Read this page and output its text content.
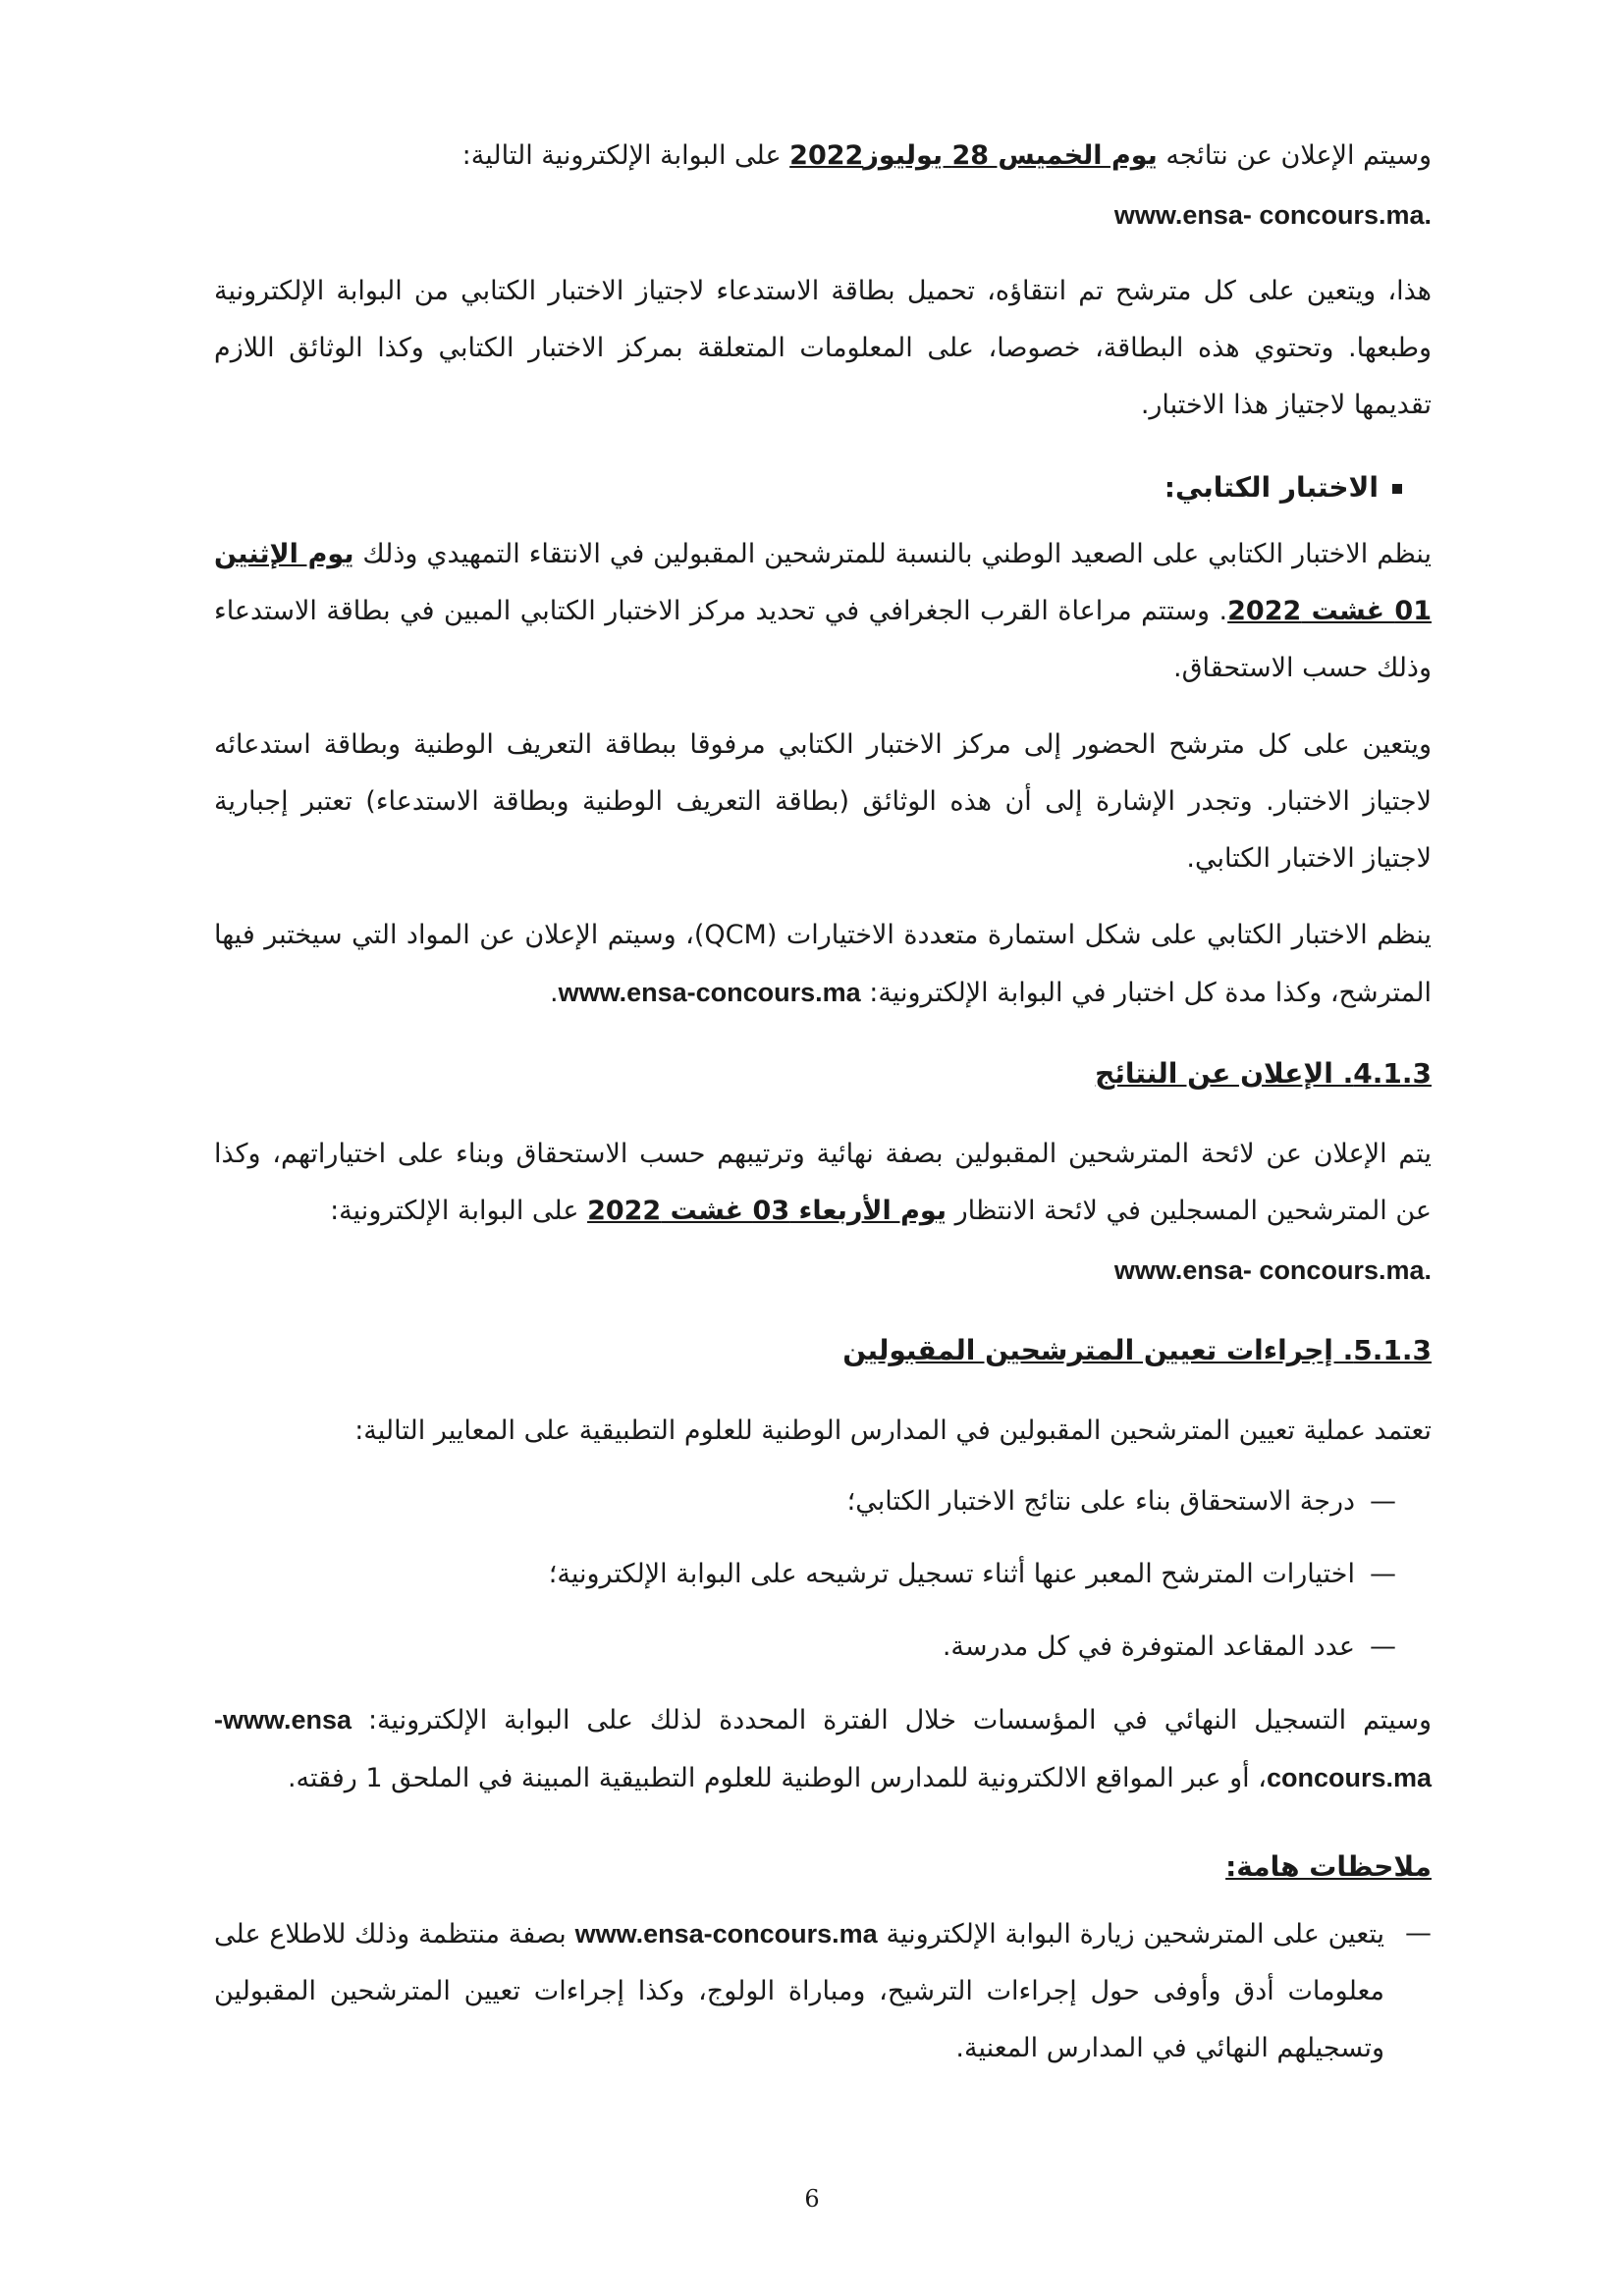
وسيتم الإعلان عن نتائجه يوم الخميس 28 يوليوز2022 على البوابة الإلكترونية التالية:

.www.ensa- concours.ma

هذا، ويتعين على كل مترشح تم انتقاؤه، تحميل بطاقة الاستدعاء لاجتياز الاختبار الكتابي من البوابة الإلكترونية وطبعها. وتحتوي هذه البطاقة، خصوصا، على المعلومات المتعلقة بمركز الاختبار الكتابي وكذا الوثائق اللازم تقديمها لاجتياز هذا الاختبار.

الاختبار الكتابي:

ينظم الاختبار الكتابي على الصعيد الوطني بالنسبة للمترشحين المقبولين في الانتقاء التمهيدي وذلك يوم الإثنين 01 غشت 2022. وستتم مراعاة القرب الجغرافي في تحديد مركز الاختبار الكتابي المبين في بطاقة الاستدعاء وذلك حسب الاستحقاق.

ويتعين على كل مترشح الحضور إلى مركز الاختبار الكتابي مرفوقا ببطاقة التعريف الوطنية وبطاقة استدعائه لاجتياز الاختبار. وتجدر الإشارة إلى أن هذه الوثائق (بطاقة التعريف الوطنية وبطاقة الاستدعاء) تعتبر إجبارية لاجتياز الاختبار الكتابي.

ينظم الاختبار الكتابي على شكل استمارة متعددة الاختيارات (QCM)، وسيتم الإعلان عن المواد التي سيختبر فيها المترشح، وكذا مدة كل اختبار في البوابة الإلكترونية: www.ensa-concours.ma.

4.1.3. الإعلان عن النتائج

يتم الإعلان عن لائحة المترشحين المقبولين بصفة نهائية وترتيبهم حسب الاستحقاق وبناء على اختياراتهم، وكذا عن المترشحين المسجلين في لائحة الانتظار يوم الأربعاء 03 غشت 2022 على البوابة الإلكترونية:

.www.ensa- concours.ma
5.1.3. إجراءات تعيين المترشحين المقبولين

تعتمد عملية تعيين المترشحين المقبولين في المدارس الوطنية للعلوم التطبيقية على المعايير التالية:

—
درجة الاستحقاق بناء على نتائج الاختبار الكتابي؛
—
اختيارات المترشح المعبر عنها أثناء تسجيل ترشيحه على البوابة الإلكترونية؛
—
عدد المقاعد المتوفرة في كل مدرسة.

وسيتم التسجيل النهائي في المؤسسات خلال الفترة المحددة لذلك على البوابة الإلكترونية: -www.ensa concours.ma، أو عبر المواقع الالكترونية للمدارس الوطنية للعلوم التطبيقية المبينة في الملحق 1 رفقته.

ملاحظات هامة:
—
يتعين على المترشحين زيارة البوابة الإلكترونية www.ensa-concours.ma بصفة منتظمة وذلك للاطلاع على معلومات أدق وأوفى حول إجراءات الترشيح، ومباراة الولوج، وكذا إجراءات تعيين المترشحين المقبولين وتسجيلهم النهائي في المدارس المعنية.
6
